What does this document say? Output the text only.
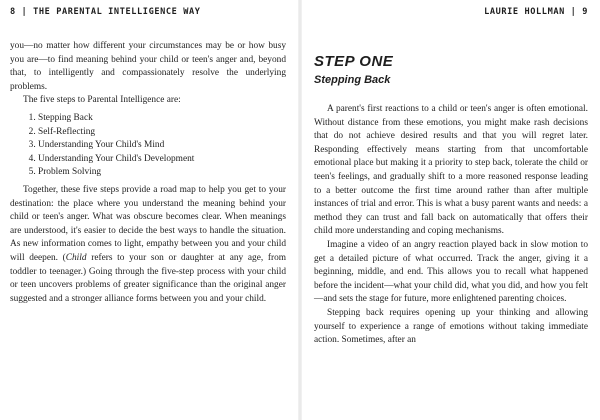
8 | THE PARENTAL INTELLIGENCE WAY

you—no matter how different your circumstances may be or how busy you are—to find meaning behind your child or teen's anger and, beyond that, to intelligently and compassionately resolve the underlying problems.

The five steps to Parental Intelligence are:

1. Stepping Back
2. Self-Reflecting
3. Understanding Your Child's Mind
4. Understanding Your Child's Development
5. Problem Solving

Together, these five steps provide a road map to help you get to your destination: the place where you understand the meaning behind your child or teen's anger. What was obscure becomes clear. When meanings are understood, it's easier to decide the best ways to handle the situation. As new information comes to light, empathy between you and your child will deepen. (Child refers to your son or daughter at any age, from toddler to teenager.) Going through the five-step process with your child or teen uncovers problems of greater significance than the original anger suggested and a stronger alliance forms between you and your child.

LAURIE HOLLMAN | 9
STEP ONE
Stepping Back

A parent's first reactions to a child or teen's anger is often emotional. Without distance from these emotions, you might make rash decisions that do not achieve desired results and that you will regret later. Responding effectively means starting from that uncomfortable emotional place but making it a priority to step back, tolerate the child or teen's feelings, and gradually shift to a more reasoned response leading to a better outcome the first time around rather than after multiple instances of trial and error. This is what a busy parent wants and needs: a method they can trust and fall back on automatically that offers their child more understanding and coping mechanisms.

Imagine a video of an angry reaction played back in slow motion to get a detailed picture of what occurred. Track the anger, giving it a beginning, middle, and end. This allows you to recall what happened before the incident—what your child did, what you did, and how you felt—and sets the stage for future, more enlightened parenting choices.

Stepping back requires opening up your thinking and allowing yourself to experience a range of emotions without taking immediate action. Sometimes, after an
